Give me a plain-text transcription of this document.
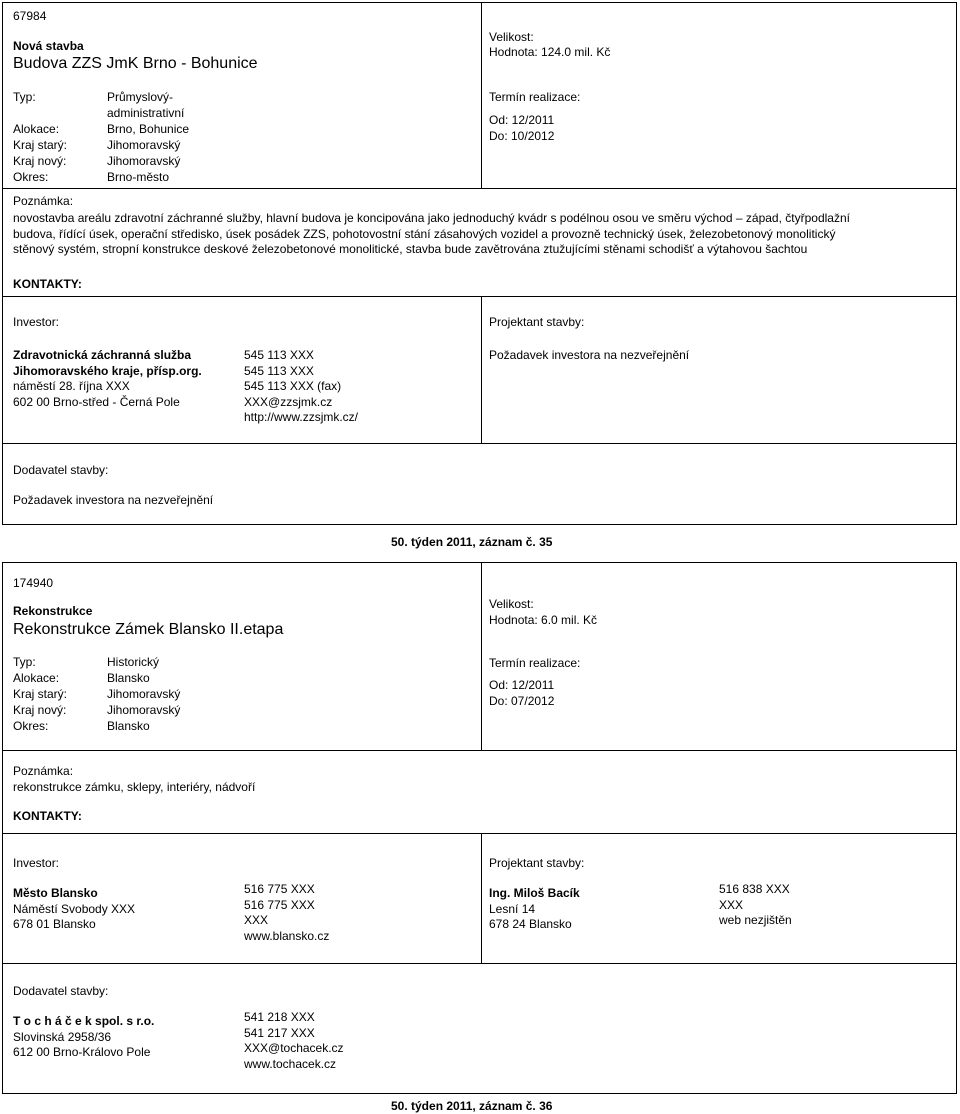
67984
Nová stavba
Budova ZZS JmK Brno - Bohunice
Typ:

Alokace:
Kraj starý:
Kraj nový:
Okres:
Průmyslový-
administrativní
Brno, Bohunice
Jihomoravský
Jihomoravský
Brno-město
Velikost:
Hodnota: 124.0 mil. Kč
Termín realizace:
Od: 12/2011
Do: 10/2012
Poznámka:
novostavba areálu zdravotní záchranné služby, hlavní budova je koncipována jako jednoduchý kvádr s podélnou osou ve směru východ – západ, čtyřpodlažní
budova, řídící úsek, operační středisko, úsek posádek ZZS, pohotovostní stání zásahových vozidel a provozně technický úsek, železobetonový monolitický
stěnový systém, stropní konstrukce deskové železobetonové monolitické, stavba bude zavětrována ztužujícími stěnami schodišť a výtahovou šachtou
KONTAKTY:
Investor:
Zdravotnická záchranná služba
Jihomoravského kraje, přísp.org.
náměstí 28. října XXX
602 00 Brno-střed - Černá Pole
545 113 XXX
545 113 XXX
545 113 XXX (fax)
XXX@zzsjmk.cz
http://www.zzsjmk.cz/
Projektant stavby:
Požadavek investora na nezveřejnění
Dodavatel stavby:
Požadavek investora na nezveřejnění
50. týden 2011, záznam č. 35
174940
Rekonstrukce
Rekonstrukce Zámek Blansko II.etapa
Typ:
Alokace:
Kraj starý:
Kraj nový:
Okres:
Historický
Blansko
Jihomoravský
Jihomoravský
Blansko
Velikost:
Hodnota: 6.0 mil. Kč
Termín realizace:
Od: 12/2011
Do: 07/2012
Poznámka:
rekonstrukce zámku, sklepy, interiéry, nádvoří
KONTAKTY:
Investor:
Město Blansko
Náměstí Svobody XXX
678 01 Blansko
516 775 XXX
516 775 XXX
XXX
www.blansko.cz
Projektant stavby:
Ing. Miloš Bacík
Lesní 14
678 24 Blansko
516 838 XXX
XXX
web nezjištěn
Dodavatel stavby:
T o c h á č e k spol. s r.o.
Slovinská 2958/36
612 00 Brno-Královo Pole
541 218 XXX
541 217 XXX
XXX@tochacek.cz
www.tochacek.cz
50. týden 2011, záznam č. 36
